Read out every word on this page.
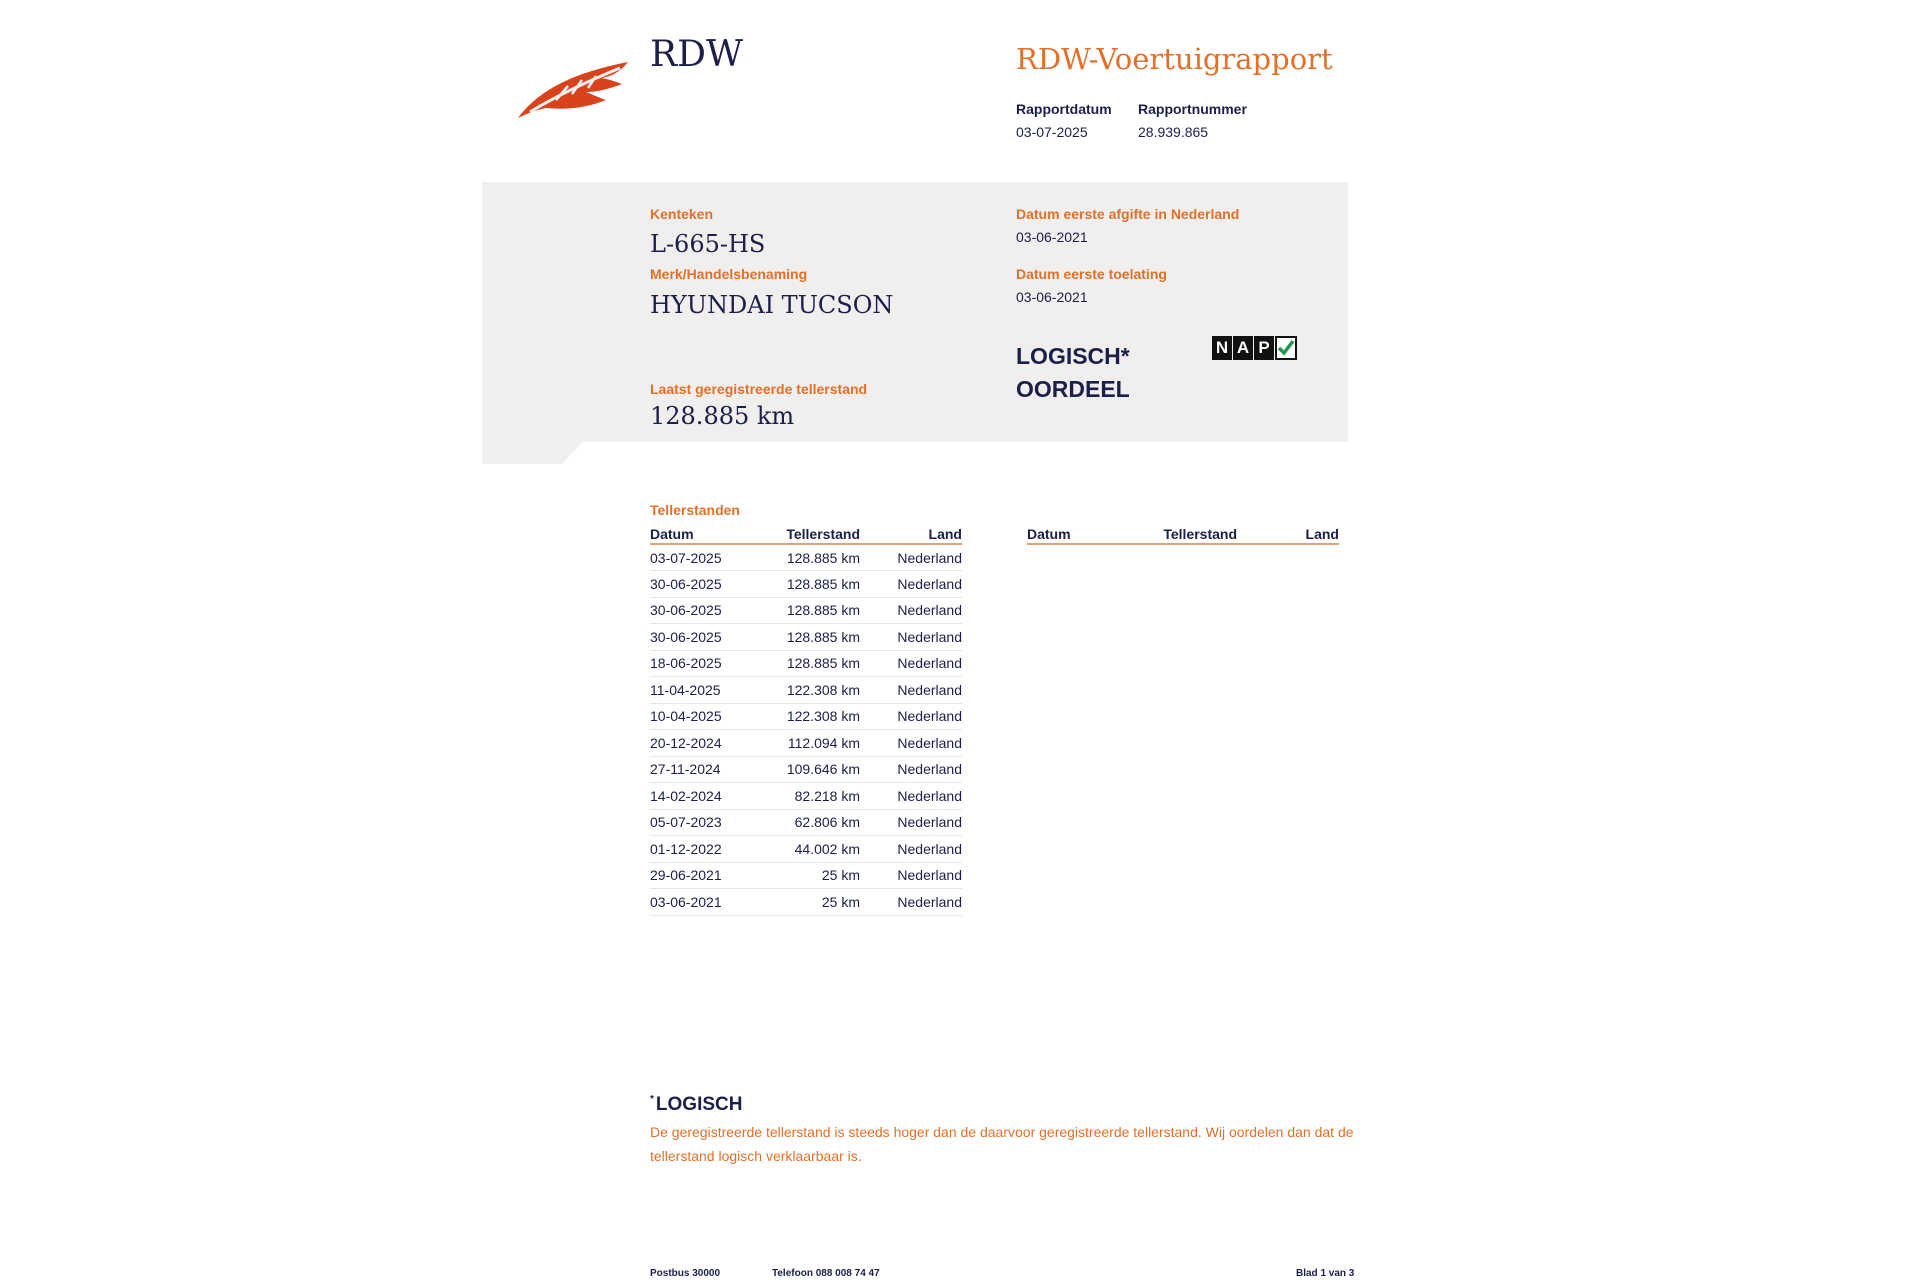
RDW	RDW-Voertuigrapport
Rapportdatum
03-07-2025
Rapportnummer
28.939.865
Kenteken
L-665-HS
Merk/Handelsbenaming
HYUNDAI TUCSON
Laatst geregistreerde tellerstand
128.885 km
Datum eerste afgifte in Nederland
03-06-2021
Datum eerste toelating
03-06-2021
LOGISCH*
OORDEEL
N A P
Tellerstanden
Datum	Tellerstand	Land
03-07-2025	128.885 km	Nederland
30-06-2025	128.885 km	Nederland
30-06-2025	128.885 km	Nederland
30-06-2025	128.885 km	Nederland
18-06-2025	128.885 km	Nederland
11-04-2025	122.308 km	Nederland
10-04-2025	122.308 km	Nederland
20-12-2024	112.094 km	Nederland
27-11-2024	109.646 km	Nederland
14-02-2024	82.218 km	Nederland
05-07-2023	62.806 km	Nederland
01-12-2022	44.002 km	Nederland
29-06-2021	25 km	Nederland
03-06-2021	25 km	Nederland
Datum	Tellerstand	Land
* LOGISCH
De geregistreerde tellerstand is steeds hoger dan de daarvoor geregistreerde tellerstand. Wij oordelen dan dat de tellerstand logisch verklaarbaar is.
Postbus 30000	Telefoon 088 008 74 47	Blad 1 van 3
